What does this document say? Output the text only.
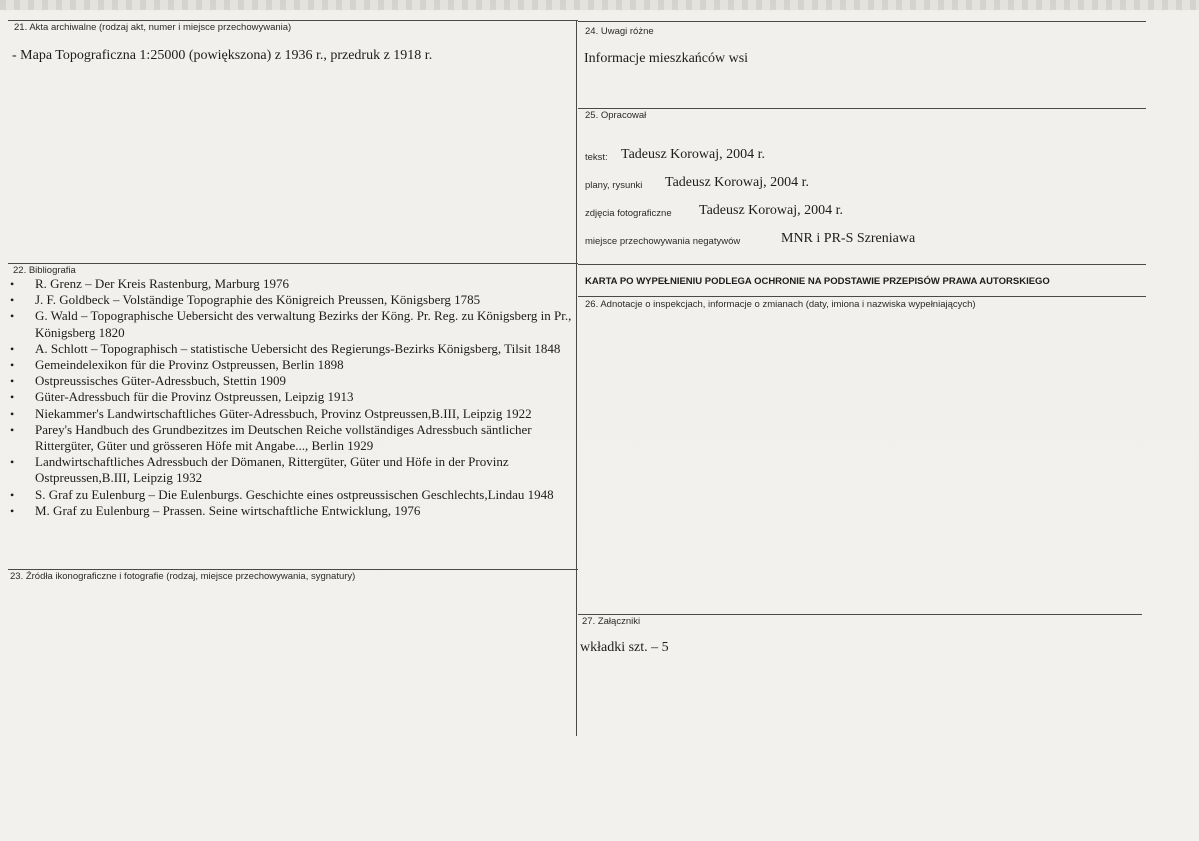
21. Akta archiwalne (rodzaj akt, numer i miejsce przechowywania)
- Mapa Topograficzna 1:25000 (powiększona) z 1936 r., przedruk z 1918 r.
22. Bibliografia
• R. Grenz – Der Kreis Rastenburg, Marburg 1976
• J. F. Goldbeck – Volständige Topographie des Königreich Preussen, Königsberg 1785
• G. Wald – Topographische Uebersicht des verwaltung Bezirks der Köng. Pr. Reg. zu Königsberg in Pr., Königsberg 1820
• A. Schlott – Topographisch – statistische Uebersicht des Regierungs-Bezirks Königsberg, Tilsit 1848
• Gemeindelexikon für die Provinz Ostpreussen, Berlin 1898
• Ostpreussisches Güter-Adressbuch, Stettin 1909
• Güter-Adressbuch für die Provinz Ostpreussen, Leipzig 1913
• Niekammer's Landwirtschaftliches Güter-Adressbuch, Provinz Ostpreussen,B.III, Leipzig 1922
• Parey's Handbuch des Grundbezitzes im Deutschen Reiche vollständiges Adressbuch säntlicher Rittergüter, Güter und grösseren Höfe mit Angabe..., Berlin 1929
• Landwirtschaftliches Adressbuch der Dömanen, Rittergüter, Güter und Höfe in der Provinz Ostpreussen,B.III, Leipzig 1932
• S. Graf zu Eulenburg – Die Eulenburgs. Geschichte eines ostpreussischen Geschlechts,Lindau 1948
• M. Graf zu Eulenburg – Prassen. Seine wirtschaftliche Entwicklung, 1976
23. Źródła ikonograficzne i fotografie (rodzaj, miejsce przechowywania, sygnatury)
24. Uwagi różne
Informacje mieszkańców wsi
25. Opracował
tekst: Tadeusz Korowaj, 2004 r.
plany, rysunki Tadeusz Korowaj, 2004 r.
zdjęcia fotograficzne Tadeusz Korowaj, 2004 r.
miejsce przechowywania negatywów	MNR i PR-S Szreniawa
KARTA PO WYPEŁNIENIU PODLEGA OCHRONIE NA PODSTAWIE PRZEPISÓW PRAWA AUTORSKIEGO
26. Adnotacje o inspekcjach, informacje o zmianach (daty, imiona i nazwiska wypełniających)
27. Załączniki
wkładki szt. – 5
